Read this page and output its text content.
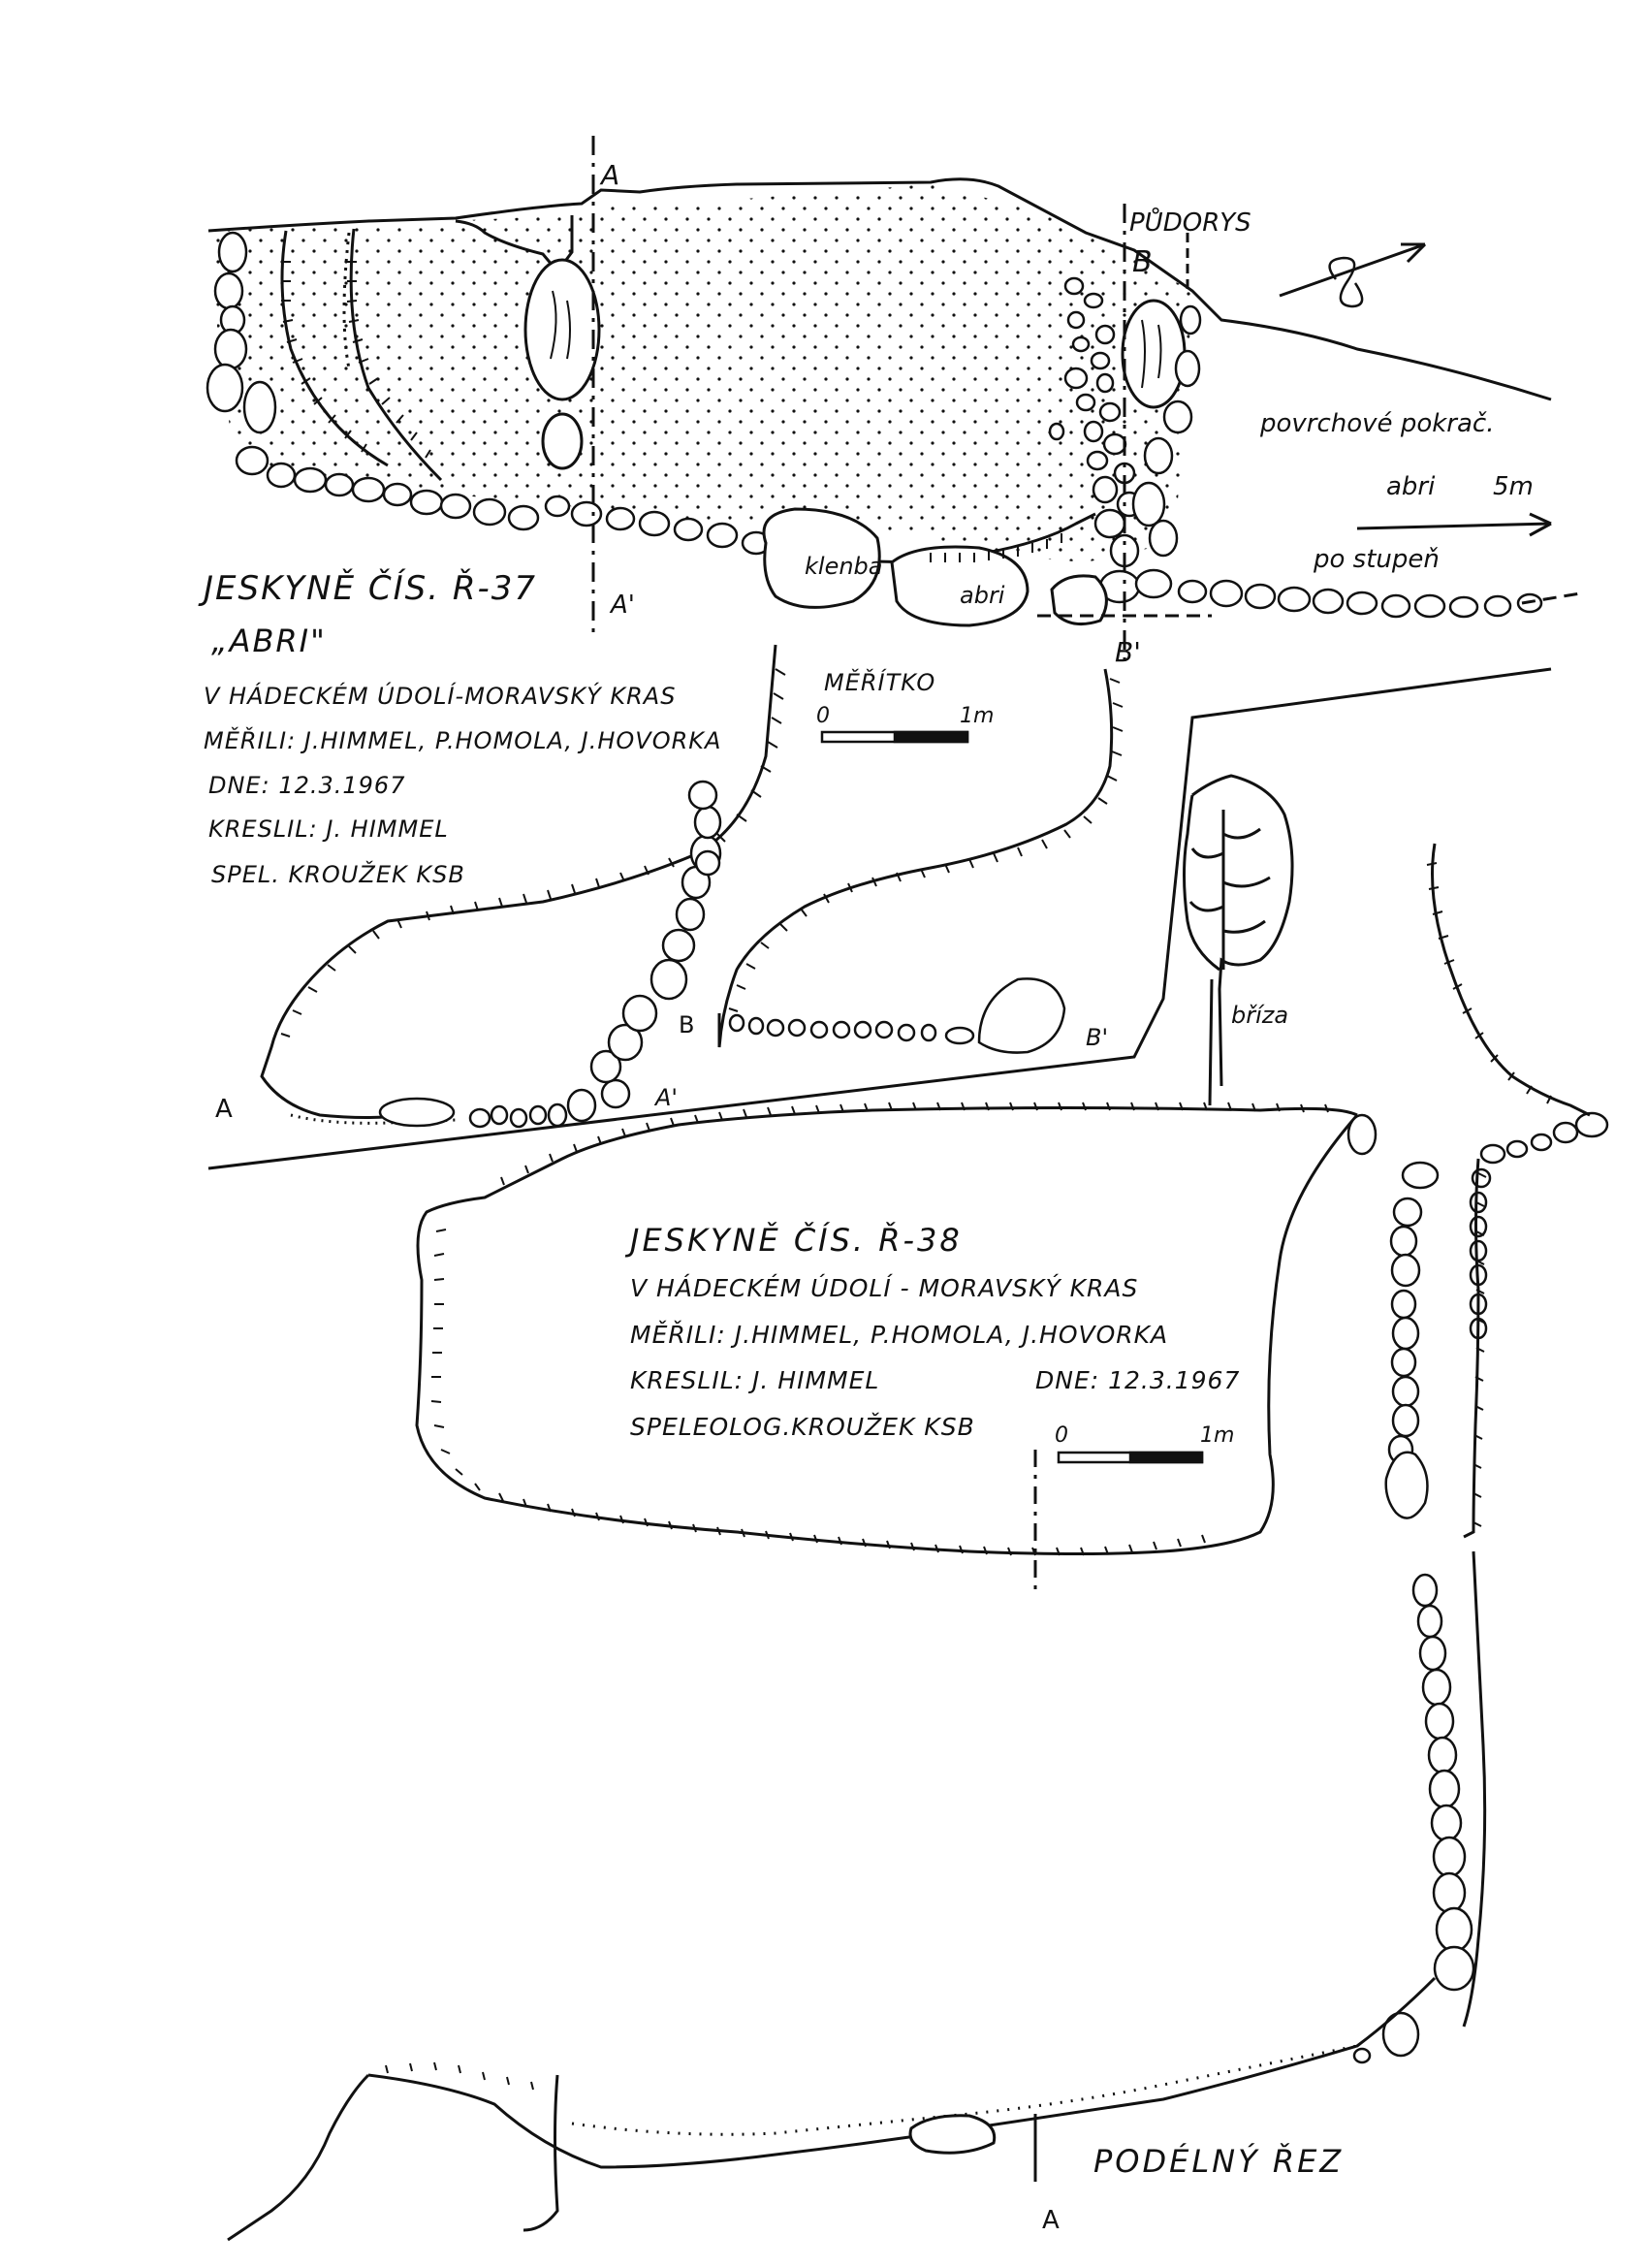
PŮDORYS
A
A'
B
B'
klenba
abri
povrchové pokrač.
abri 5m
po stupeň
JESKYNĚ ČÍS. Ř-37
„ABRI"
V HÁDECKÉM ÚDOLÍ-MORAVSKÝ KRAS
MĚŘILI: J.HIMMEL, P.HOMOLA, J.HOVORKA
DNE: 12.3.1967
KRESLIL: J. HIMMEL
SPEL. KROUŽEK KSB
MĚŘÍTKO
0	1m
A	A'
B	B'
JESKYNĚ ČÍS. Ř-38
V HÁDECKÉM ÚDOLÍ - MORAVSKÝ KRAS
MĚŘILI: J.HIMMEL, P.HOMOLA, J.HOVORKA
KRESLIL: J. HIMMEL	DNE: 12.3.1967
SPELEOLOG.KROUŽEK KSB	0	1m
bříza
PODÉLNÝ ŘEZ
A
